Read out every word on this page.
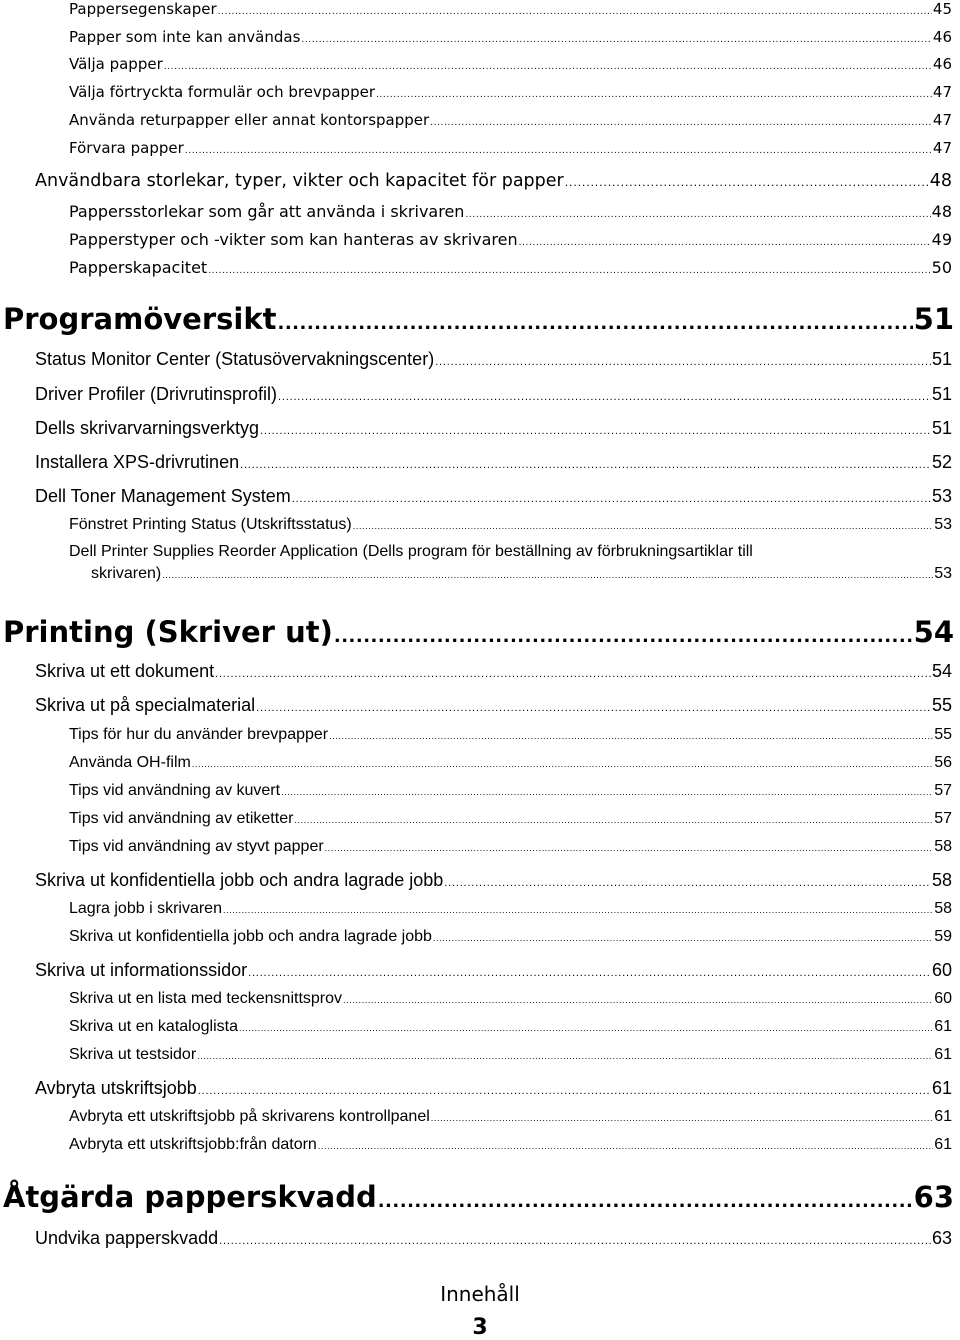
Pappersegenskaper .....	45
Papper som inte kan användas .....	46
Välja papper .....	46
Välja förtryckta formulär och brevpapper .....	47
Använda returpapper eller annat kontorspapper .....	47
Förvara papper .....	47
Användbara storlekar, typer, vikter och kapacitet för papper .....	48
Pappersstorlekar som går att använda i skrivaren .....	48
Papperstyper och -vikter som kan hanteras av skrivaren .....	49
Papperskapacitet .....	50
Programöversikt .....	51
Status Monitor Center (Statusövervakningscenter) .....	51
Driver Profiler (Drivrutinsprofil) .....	51
Dells skrivarvarningsverktyg .....	51
Installera XPS-drivrutinen .....	52
Dell Toner Management System .....	53
Fönstret Printing Status (Utskriftsstatus) .....	53
Dell Printer Supplies Reorder Application (Dells program för beställning av förbrukningsartiklar till
skrivaren) .....	53
Printing (Skriver ut) .....	54
Skriva ut ett dokument .....	54
Skriva ut på specialmaterial .....	55
Tips för hur du använder brevpapper .....	55
Använda OH-film .....	56
Tips vid användning av kuvert .....	57
Tips vid användning av etiketter .....	57
Tips vid användning av styvt papper .....	58
Skriva ut konfidentiella jobb och andra lagrade jobb .....	58
Lagra jobb i skrivaren .....	58
Skriva ut konfidentiella jobb och andra lagrade jobb .....	59
Skriva ut informationssidor .....	60
Skriva ut en lista med teckensnittsprov .....	60
Skriva ut en kataloglista .....	61
Skriva ut testsidor .....	61
Avbryta utskriftsjobb .....	61
Avbryta ett utskriftsjobb på skrivarens kontrollpanel .....	61
Avbryta ett utskriftsjobb:från datorn .....	61
Åtgärda papperskvadd .....	63
Undvika papperskvadd .....	63
Innehåll
3
